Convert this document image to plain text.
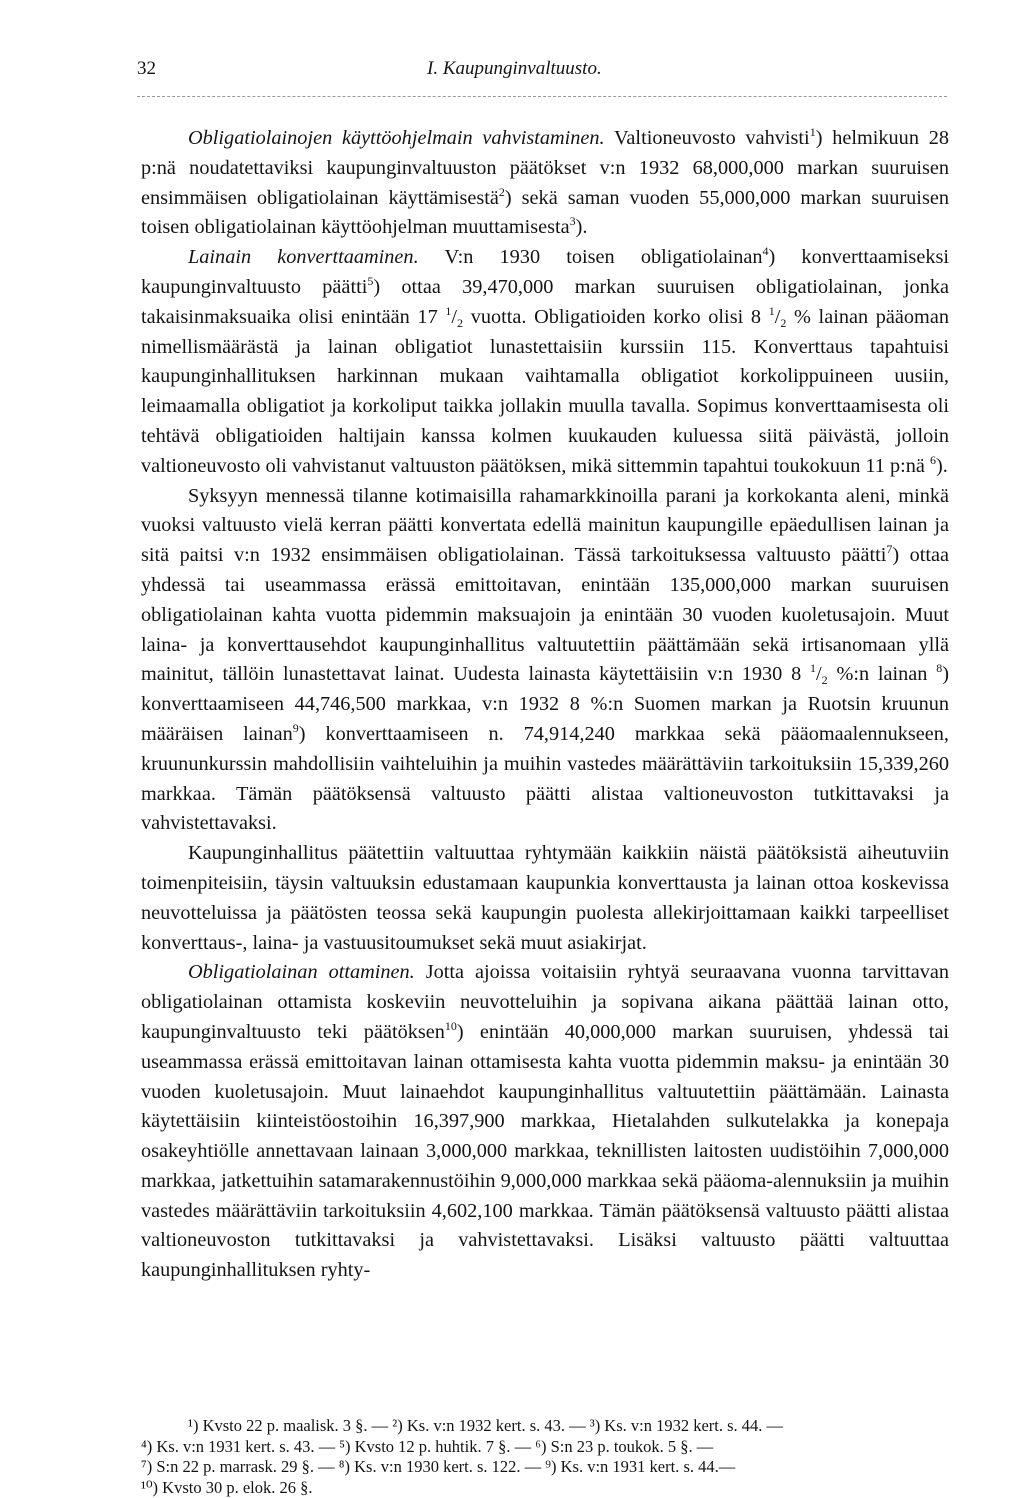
32	I. Kaupunginvaltuusto.

Obligatiolainojen käyttöohjelmain vahvistaminen. Valtioneuvosto vahvisti$^1$) helmikuun 28 p:nä noudatettaviksi kaupunginvaltuuston päätökset v:n 1932 68,000,000 markan suuruisen ensimmäisen obligatiolainan käyttämisestä$^2$) sekä saman vuoden 55,000,000 markan suuruisen toisen obligatiolainan käyttöohjelman muuttamisesta$^3$).

Lainain konverttaaminen. V:n 1930 toisen obligatiolainan$^4$) konverttaamiseksi kaupunginvaltuusto päätti$^5$) ottaa 39,470,000 markan suuruisen obligatiolainan, jonka takaisinmaksuaika olisi enintään 17 $^1/_2$ vuotta. Obligatioiden korko olisi 8 $^1/_2$ % lainan pääoman nimellismäärästä ja lainan obligatiot lunastettaisiin kurssiin 115. Konverttaus tapahtuisi kaupunginhallituksen harkinnan mukaan vaihtamalla obligatiot korkolippuineen uusiin, leimaamalla obligatiot ja korkoliput taikka jollakin muulla tavalla. Sopimus konverttaamisesta oli tehtävä obligatioiden haltijain kanssa kolmen kuukauden kuluessa siitä päivästä, jolloin valtioneuvosto oli vahvistanut valtuuston päätöksen, mikä sittemmin tapahtui toukokuun 11 p:nä $^6$).

Syksyyn mennessä tilanne kotimaisilla rahamarkkinoilla parani ja korkokanta aleni, minkä vuoksi valtuusto vielä kerran päätti konvertata edellä mainitun kaupungille epäedullisen lainan ja sitä paitsi v:n 1932 ensimmäisen obligatiolainan. Tässä tarkoituksessa valtuusto päätti$^7$) ottaa yhdessä tai useammassa erässä emittoitavan, enintään 135,000,000 markan suuruisen obligatiolainan kahta vuotta pidemmin maksuajoin ja enintään 30 vuoden kuoletusajoin. Muut laina- ja konverttausehdot kaupunginhallitus valtuutettiin päättämään sekä irtisanomaan yllä mainitut, tällöin lunastettavat lainat. Uudesta lainasta käytettäisiin v:n 1930 8 $^1/_2$ %:n lainan $^8$) konverttaamiseen 44,746,500 markkaa, v:n 1932 8 %:n Suomen markan ja Ruotsin kruunun määräisen lainan$^9$) konverttaamiseen n. 74,914,240 markkaa sekä pääomaalennukseen, kruununkurssin mahdollisiin vaihteluihin ja muihin vastedes määrättäviin tarkoituksiin 15,339,260 markkaa. Tämän päätöksensä valtuusto päätti alistaa valtioneuvoston tutkittavaksi ja vahvistettavaksi.

Kaupunginhallitus päätettiin valtuuttaa ryhtymään kaikkiin näistä päätöksistä aiheutuviin toimenpiteisiin, täysin valtuuksin edustamaan kaupunkia konverttausta ja lainan ottoa koskevissa neuvotteluissa ja päätösten teossa sekä kaupungin puolesta allekirjoittamaan kaikki tarpeelliset konverttaus-, laina- ja vastuusitoumukset sekä muut asiakirjat.

Obligatiolainan ottaminen. Jotta ajoissa voitaisiin ryhtyä seuraavana vuonna tarvittavan obligatiolainan ottamista koskeviin neuvotteluihin ja sopivana aikana päättää lainan otto, kaupunginvaltuusto teki päätöksen$^{10}$) enintään 40,000,000 markan suuruisen, yhdessä tai useammassa erässä emittoitavan lainan ottamisesta kahta vuotta pidemmin maksu- ja enintään 30 vuoden kuoletusajoin. Muut lainaehdot kaupunginhallitus valtuutettiin päättämään. Lainasta käytettäisiin kiinteistöostoihin 16,397,900 markkaa, Hietalahden sulkutelakka ja konepaja osakeyhtiölle annettavaan lainaan 3,000,000 markkaa, teknillisten laitosten uudistöihin 7,000,000 markkaa, jatkettuihin satamarakennustöihin 9,000,000 markkaa sekä pääoma-alennuksiin ja muihin vastedes määrättäviin tarkoituksiin 4,602,100 markkaa. Tämän päätöksensä valtuusto päätti alistaa valtioneuvoston tutkittavaksi ja vahvistettavaksi. Lisäksi valtuusto päätti valtuuttaa kaupunginhallituksen ryhty-

¹) Kvsto 22 p. maalisk. 3 §. — ²) Ks. v:n 1932 kert. s. 43. — ³) Ks. v:n 1932 kert. s. 44. —

⁴) Ks. v:n 1931 kert. s. 43. — ⁵) Kvsto 12 p. huhtik. 7 §. — ⁶) S:n 23 p. toukok. 5 §. —

⁷) S:n 22 p. marrask. 29 §. — ⁸) Ks. v:n 1930 kert. s. 122. — ⁹) Ks. v:n 1931 kert. s. 44.—

¹⁰) Kvsto 30 p. elok. 26 §.
